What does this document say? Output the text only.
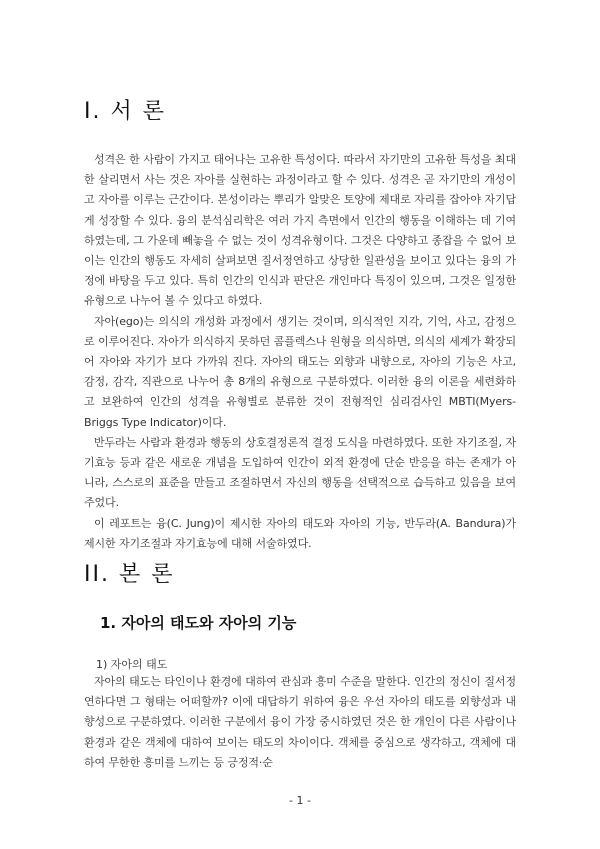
I. 서 론

성격은 한 사람이 가지고 태어나는 고유한 특성이다. 따라서 자기만의 고유한 특성을 최대한 살리면서 사는 것은 자아를 실현하는 과정이라고 할 수 있다. 성격은 곧 자기만의 개성이고 자아를 이루는 근간이다. 본성이라는 뿌리가 알맞은 토양에 제대로 자리를 잡아야 자기답게 성장할 수 있다. 융의 분석심리학은 여러 가지 측면에서 인간의 행동을 이해하는 데 기여하였는데, 그 가운데 빼놓을 수 없는 것이 성격유형이다. 그것은 다양하고 종잡을 수 없어 보이는 인간의 행동도 자세히 살펴보면 질서정연하고 상당한 일관성을 보이고 있다는 융의 가정에 바탕을 두고 있다. 특히 인간의 인식과 판단은 개인마다 특징이 있으며, 그것은 일정한 유형으로 나누어 볼 수 있다고 하였다.

자아(ego)는 의식의 개성화 과정에서 생기는 것이며, 의식적인 지각, 기억, 사고, 감정으로 이루어진다. 자아가 의식하지 못하던 콤플렉스나 원형을 의식하면, 의식의 세계가 확장되어 자아와 자기가 보다 가까워 진다. 자아의 태도는 외향과 내향으로, 자아의 기능은 사고, 감정, 감각, 직관으로 나누어 총 8개의 유형으로 구분하였다. 이러한 융의 이론을 세련화하고 보완하여 인간의 성격을 유형별로 분류한 것이 전형적인 심리검사인 MBTI(Myers-Briggs Type Indicator)이다.

반두라는 사람과 환경과 행동의 상호결정론적 결정 도식을 마련하였다. 또한 자기조절, 자기효능 등과 같은 새로운 개념을 도입하여 인간이 외적 환경에 단순 반응을 하는 존재가 아니라, 스스로의 표준을 만들고 조절하면서 자신의 행동을 선택적으로 습득하고 있음을 보여 주었다.

이 레포트는 융(C. Jung)이 제시한 자아의 태도와 자아의 기능, 반두라(A. Bandura)가 제시한 자기조절과 자기효능에 대해 서술하였다.

II. 본 론
1. 자아의 태도와 자아의 기능
1) 자아의 태도

자아의 태도는 타인이나 환경에 대하여 관심과 흥미 수준을 말한다. 인간의 정신이 질서정연하다면 그 형태는 어떠할까? 이에 대답하기 위하여 융은 우선 자아의 태도를 외향성과 내향성으로 구분하였다. 이러한 구분에서 융이 가장 중시하였던 것은 한 개인이 다른 사람이나 환경과 같은 객체에 대하여 보이는 태도의 차이이다. 객체를 중심으로 생각하고, 객체에 대하여 무한한 흥미를 느끼는 등 긍정적·순

- 1 -
